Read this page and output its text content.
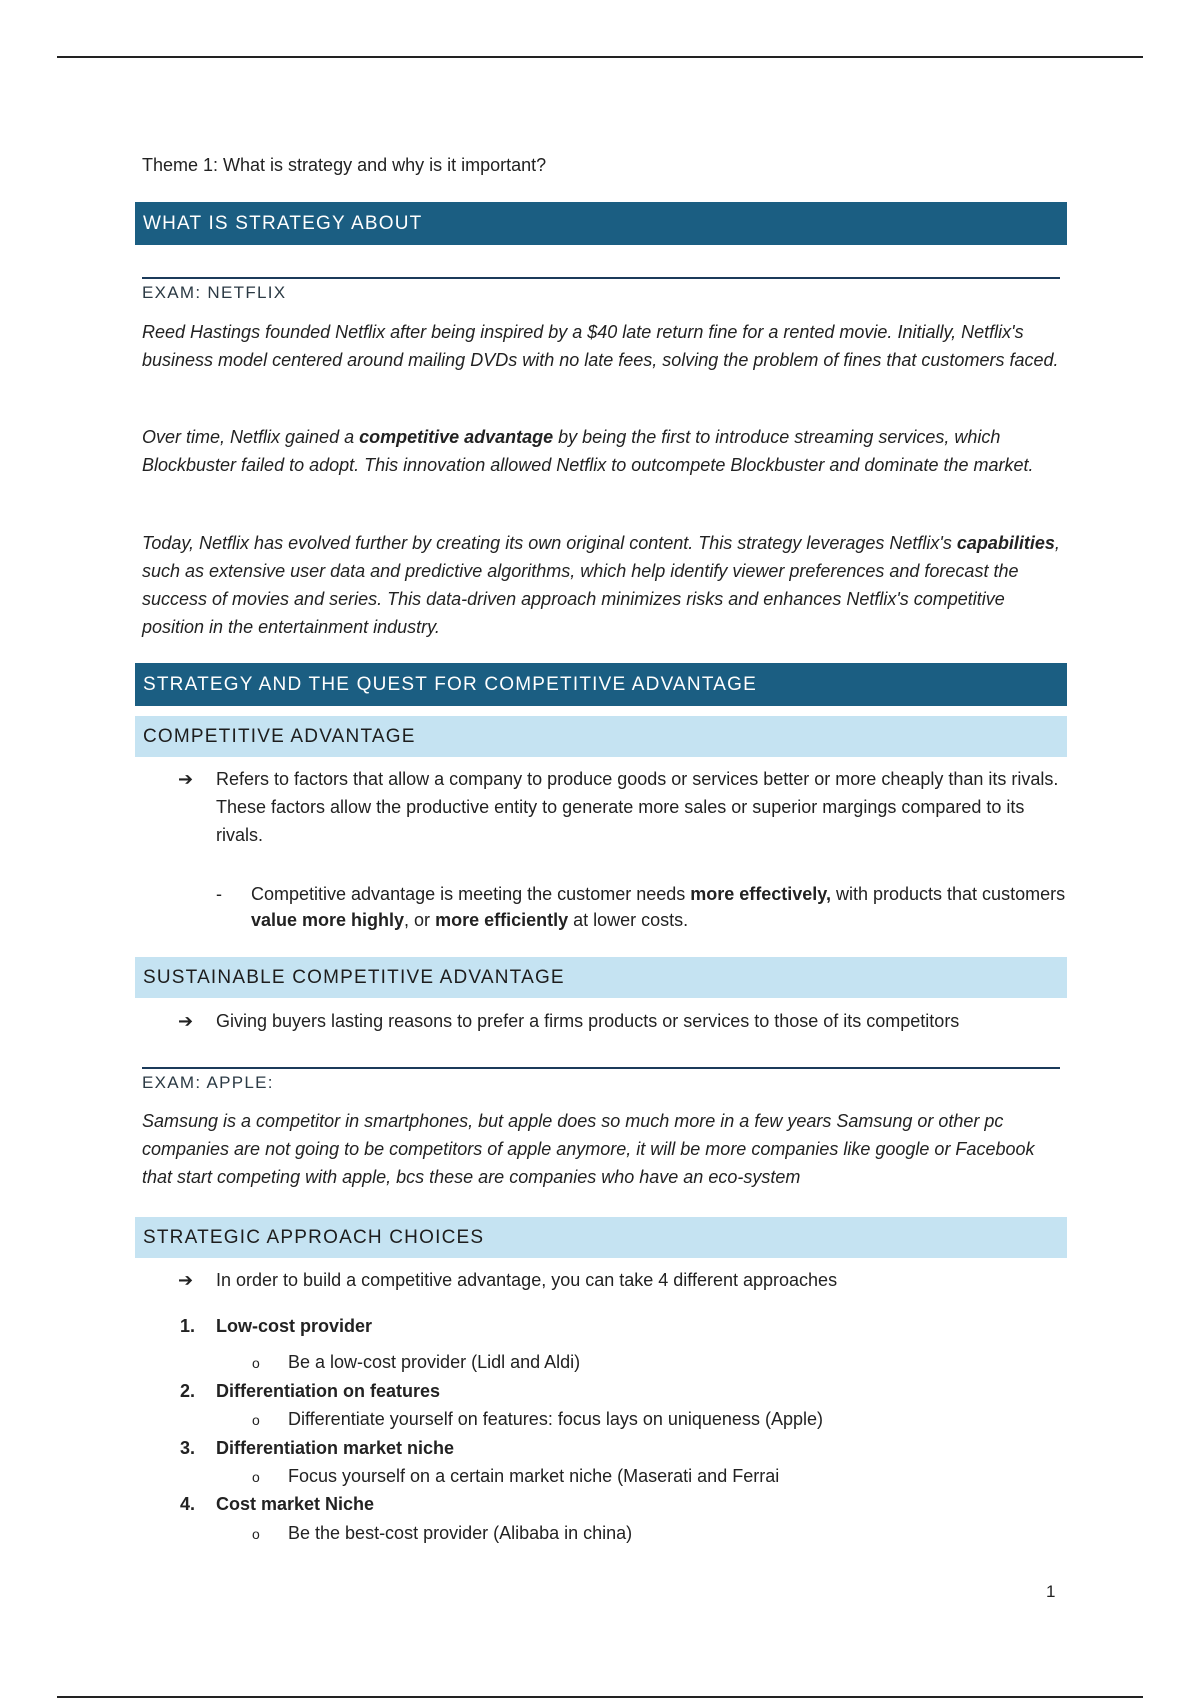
Theme 1: What is strategy and why is it important?

WHAT IS STRATEGY ABOUT
EXAM: NETFLIX

Reed Hastings founded Netflix after being inspired by a $40 late return fine for a rented movie. Initially, Netflix's business model centered around mailing DVDs with no late fees, solving the problem of fines that customers faced.

Over time, Netflix gained a competitive advantage by being the first to introduce streaming services, which Blockbuster failed to adopt. This innovation allowed Netflix to outcompete Blockbuster and dominate the market.

Today, Netflix has evolved further by creating its own original content. This strategy leverages Netflix's capabilities, such as extensive user data and predictive algorithms, which help identify viewer preferences and forecast the success of movies and series. This data-driven approach minimizes risks and enhances Netflix's competitive position in the entertainment industry.

STRATEGY AND THE QUEST FOR COMPETITIVE ADVANTAGE
COMPETITIVE ADVANTAGE
➔	Refers to factors that allow a company to produce goods or services better or more cheaply than its rivals. These factors allow the productive entity to generate more sales or superior margings compared to its rivals.
- Competitive advantage is meeting the customer needs more effectively, with products that customers value more highly, or more efficiently at lower costs.
SUSTAINABLE COMPETITIVE ADVANTAGE
➔	Giving buyers lasting reasons to prefer a firms products or services to those of its competitors
EXAM: APPLE:

Samsung is a competitor in smartphones, but apple does so much more in a few years Samsung or other pc companies are not going to be competitors of apple anymore, it will be more companies like google or Facebook that start competing with apple, bcs these are companies who have an eco-system

STRATEGIC APPROACH CHOICES
➔	In order to build a competitive advantage, you can take 4 different approaches
1. Low-cost provider
o Be a low-cost provider (Lidl and Aldi)
2. Differentiation on features
o Differentiate yourself on features: focus lays on uniqueness (Apple)
3. Differentiation market niche
o Focus yourself on a certain market niche (Maserati and Ferrai
4. Cost market Niche
o Be the best-cost provider (Alibaba in china)
1
